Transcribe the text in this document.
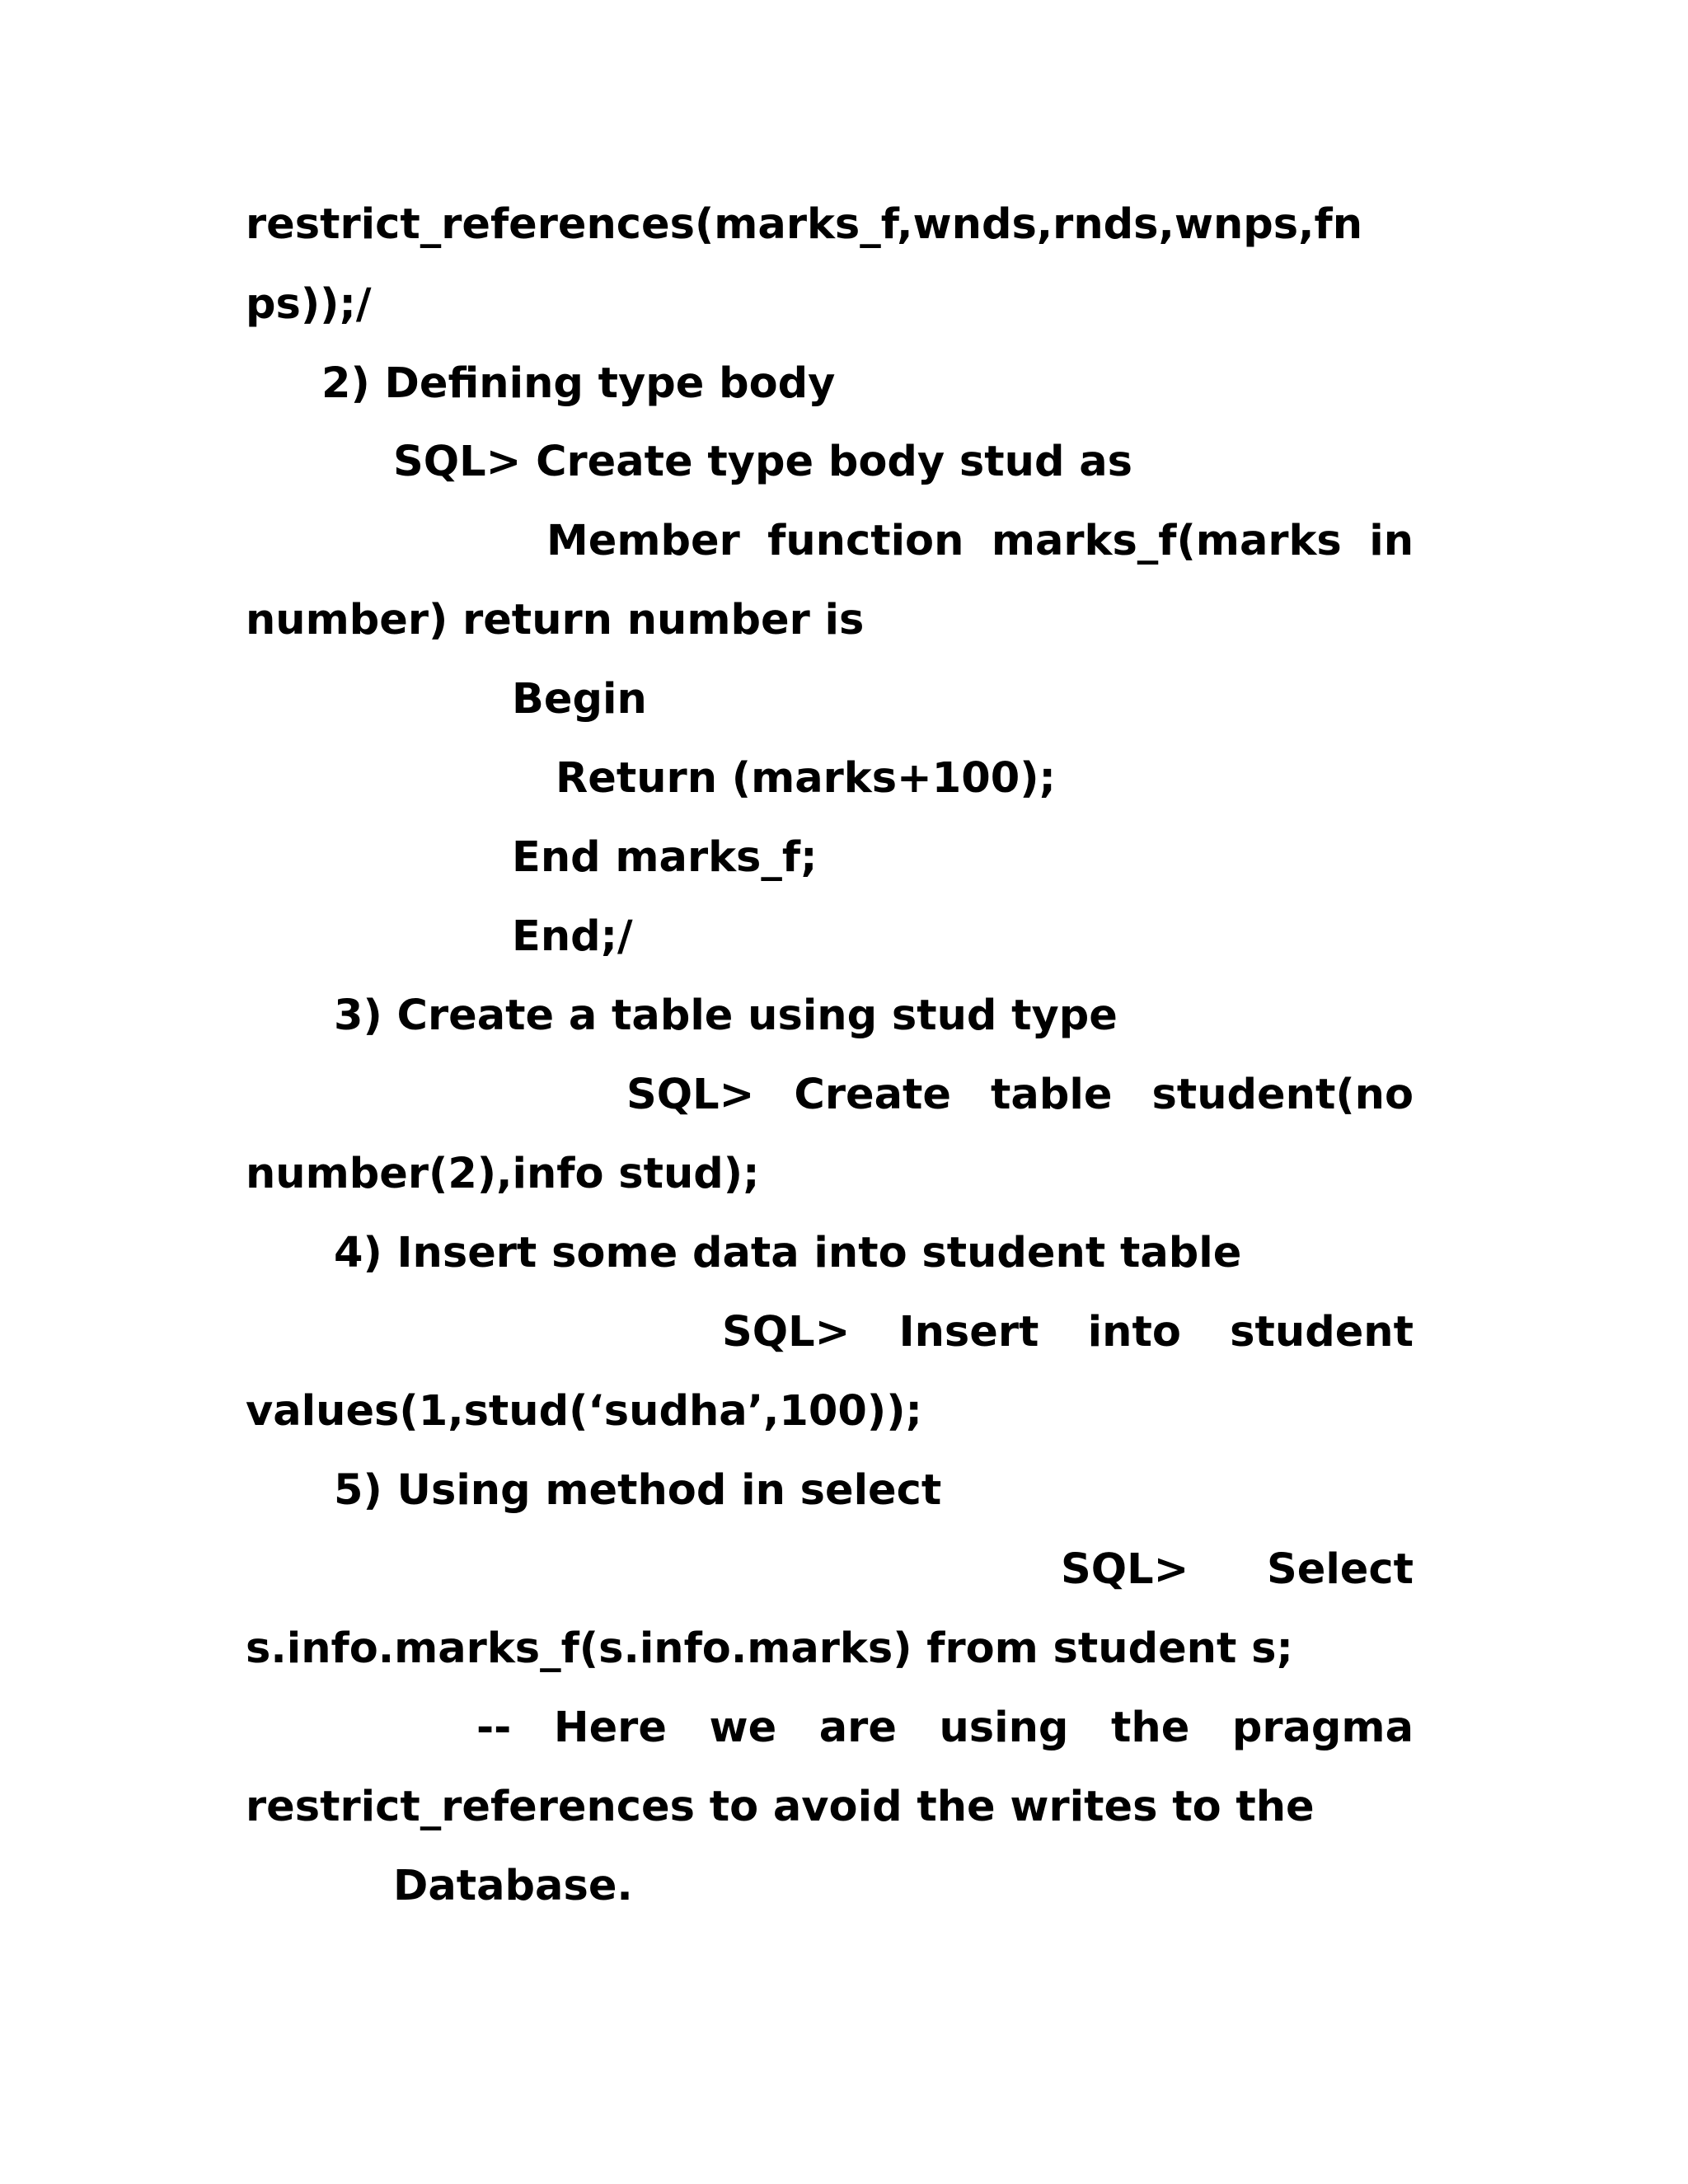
restrict_references(marks_f,wnds,rnds,wnps,fn
ps));/
2) Defining type body
SQL> Create type body stud as
Member function marks_f(marks in
number) return number is
Begin
Return (marks+100);
End marks_f;
End;/
3) Create a table using stud type
SQL> Create table student(no
number(2),info stud);
4) Insert some data into student table
SQL> Insert into student
values(1,stud(‘sudha’,100));
5) Using method in select
SQL> Select
s.info.marks_f(s.info.marks) from student s;
-- Here we are using the pragma
restrict_references to avoid the writes to the
Database.
